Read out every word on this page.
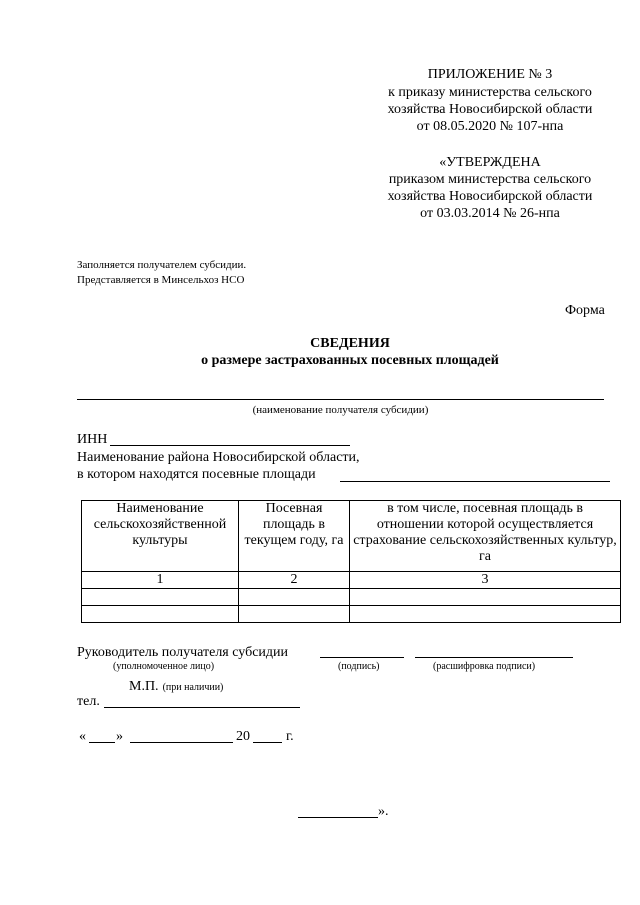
ПРИЛОЖЕНИЕ № 3
к приказу министерства сельского
хозяйства Новосибирской области
от 08.05.2020 № 107-нпа
«УТВЕРЖДЕНА
приказом министерства сельского
хозяйства Новосибирской области
от 03.03.2014 № 26-нпа
Заполняется получателем субсидии.
Представляется в Минсельхоз НСО
Форма
СВЕДЕНИЯ
о размере застрахованных посевных площадей
(наименование получателя субсидии)
ИНН
Наименование района Новосибирской области,
в котором находятся посевные площади
Наименование сельскохозяйственной культуры	Посевная площадь в текущем году, га	в том числе, посевная площадь в отношении которой осуществляется страхование сельскохозяйственных культур, га
1	2	3

Руководитель получателя субсидии
(уполномоченное лицо)	(подпись)	(расшифровка подписи)
М.П. (при наличии)
тел.
« »	20	г.
».
